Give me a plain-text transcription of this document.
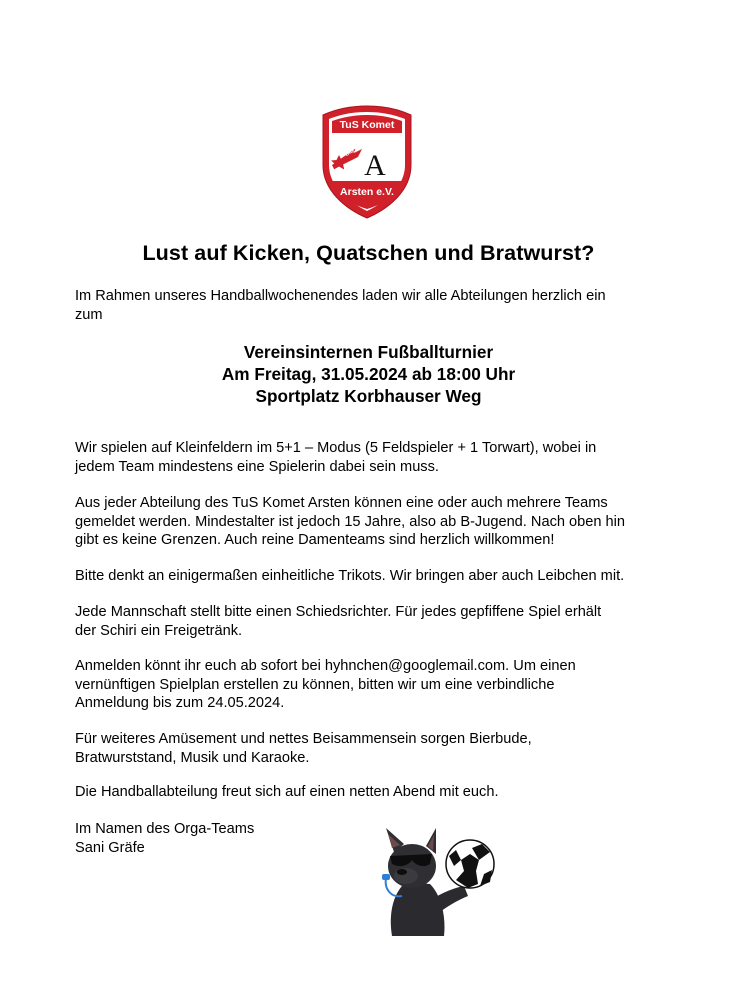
TuS Komet
Arsten e.V.
BREMEN
A
Lust auf Kicken, Quatschen und Bratwurst?

Im Rahmen unseres Handballwochenendes laden wir alle Abteilungen herzlich ein
zum

Vereinsinternen Fußballturnier

Am Freitag, 31.05.2024 ab 18:00 Uhr

Sportplatz Korbhauser Weg

Wir spielen auf Kleinfeldern im 5+1 – Modus (5 Feldspieler + 1 Torwart), wobei in
jedem Team mindestens eine Spielerin dabei sein muss.

Aus jeder Abteilung des TuS Komet Arsten können eine oder auch mehrere Teams
gemeldet werden. Mindestalter ist jedoch 15 Jahre, also ab B-Jugend. Nach oben hin
gibt es keine Grenzen. Auch reine Damenteams sind herzlich willkommen!

Bitte denkt an einigermaßen einheitliche Trikots. Wir bringen aber auch Leibchen mit.

Jede Mannschaft stellt bitte einen Schiedsrichter. Für jedes gepfiffene Spiel erhält
der Schiri ein Freigetränk.

Anmelden könnt ihr euch ab sofort bei hyhnchen@googlemail.com. Um einen
vernünftigen Spielplan erstellen zu können, bitten wir um eine verbindliche
Anmeldung bis zum 24.05.2024.

Für weiteres Amüsement und nettes Beisammensein sorgen Bierbude,
Bratwurststand, Musik und Karaoke.

Die Handballabteilung freut sich auf einen netten Abend mit euch.

Im Namen des Orga-Teams
Sani Gräfe
